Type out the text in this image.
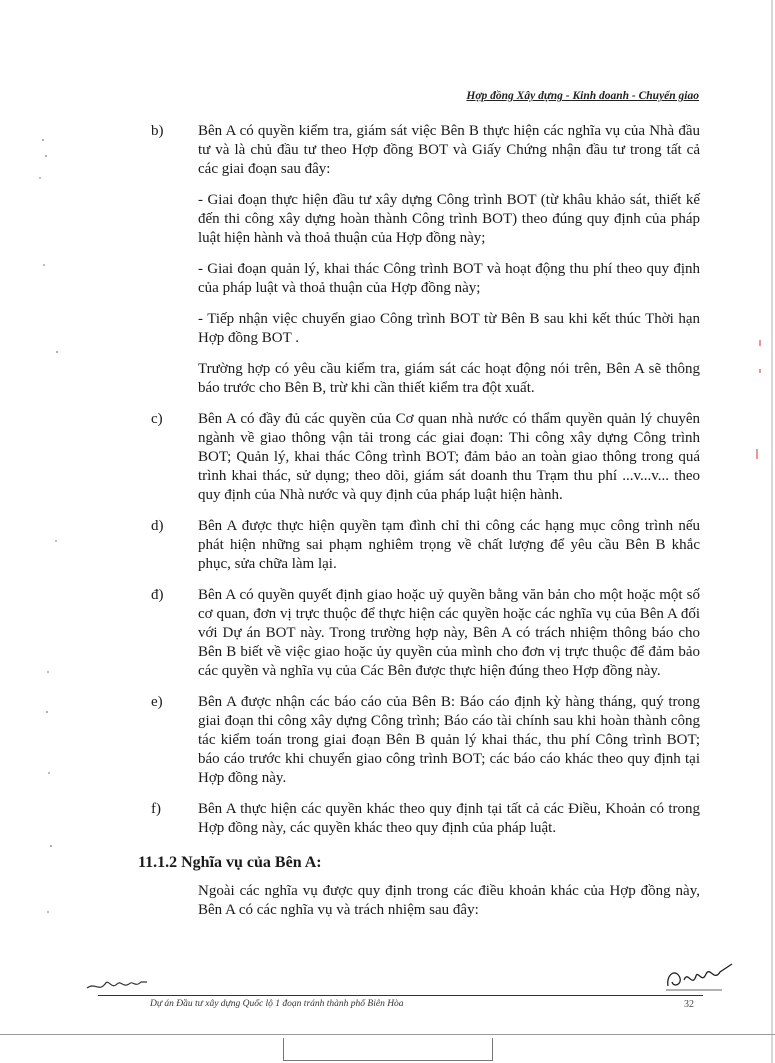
Hợp đồng Xây dựng - Kinh doanh - Chuyển giao
b) Bên A có quyền kiểm tra, giám sát việc Bên B thực hiện các nghĩa vụ của Nhà đầu tư và là chủ đầu tư theo Hợp đồng BOT và Giấy Chứng nhận đầu tư trong tất cả các giai đoạn sau đây:
- Giai đoạn thực hiện đầu tư xây dựng Công trình BOT (từ khâu khảo sát, thiết kế đến thi công xây dựng hoàn thành Công trình BOT) theo đúng quy định của pháp luật hiện hành và thoả thuận của Hợp đồng này;
- Giai đoạn quản lý, khai thác Công trình BOT và hoạt động thu phí theo quy định của pháp luật và thoả thuận của Hợp đồng này;
- Tiếp nhận việc chuyển giao Công trình BOT từ Bên B sau khi kết thúc Thời hạn Hợp đồng BOT .
Trường hợp có yêu cầu kiểm tra, giám sát các hoạt động nói trên, Bên A sẽ thông báo trước cho Bên B, trừ khi cần thiết kiểm tra đột xuất.
c) Bên A có đầy đủ các quyền của Cơ quan nhà nước có thẩm quyền quản lý chuyên ngành về giao thông vận tải trong các giai đoạn: Thi công xây dựng Công trình BOT; Quản lý, khai thác Công trình BOT; đảm bảo an toàn giao thông trong quá trình khai thác, sử dụng; theo dõi, giám sát doanh thu Trạm thu phí ...v...v... theo quy định của Nhà nước và quy định của pháp luật hiện hành.
d) Bên A được thực hiện quyền tạm đình chỉ thi công các hạng mục công trình nếu phát hiện những sai phạm nghiêm trọng về chất lượng để yêu cầu Bên B khắc phục, sửa chữa làm lại.
đ) Bên A có quyền quyết định giao hoặc uỷ quyền bằng văn bản cho một hoặc một số cơ quan, đơn vị trực thuộc để thực hiện các quyền hoặc các nghĩa vụ của Bên A đối với Dự án BOT này. Trong trường hợp này, Bên A có trách nhiệm thông báo cho Bên B biết về việc giao hoặc ủy quyền của mình cho đơn vị trực thuộc để đảm bảo các quyền và nghĩa vụ của Các Bên được thực hiện đúng theo Hợp đồng này.
e) Bên A được nhận các báo cáo của Bên B: Báo cáo định kỳ hàng tháng, quý trong giai đoạn thi công xây dựng Công trình; Báo cáo tài chính sau khi hoàn thành công tác kiểm toán trong giai đoạn Bên B quản lý khai thác, thu phí Công trình BOT; báo cáo trước khi chuyển giao công trình BOT; các báo cáo khác theo quy định tại Hợp đồng này.
f) Bên A thực hiện các quyền khác theo quy định tại tất cả các Điều, Khoản có trong Hợp đồng này, các quyền khác theo quy định của pháp luật.
11.1.2 Nghĩa vụ của Bên A:
Ngoài các nghĩa vụ được quy định trong các điều khoản khác của Hợp đồng này, Bên A có các nghĩa vụ và trách nhiệm sau đây:
Dự án Đầu tư xây dựng Quốc lộ 1 đoạn tránh thành phố Biên Hòa	32
